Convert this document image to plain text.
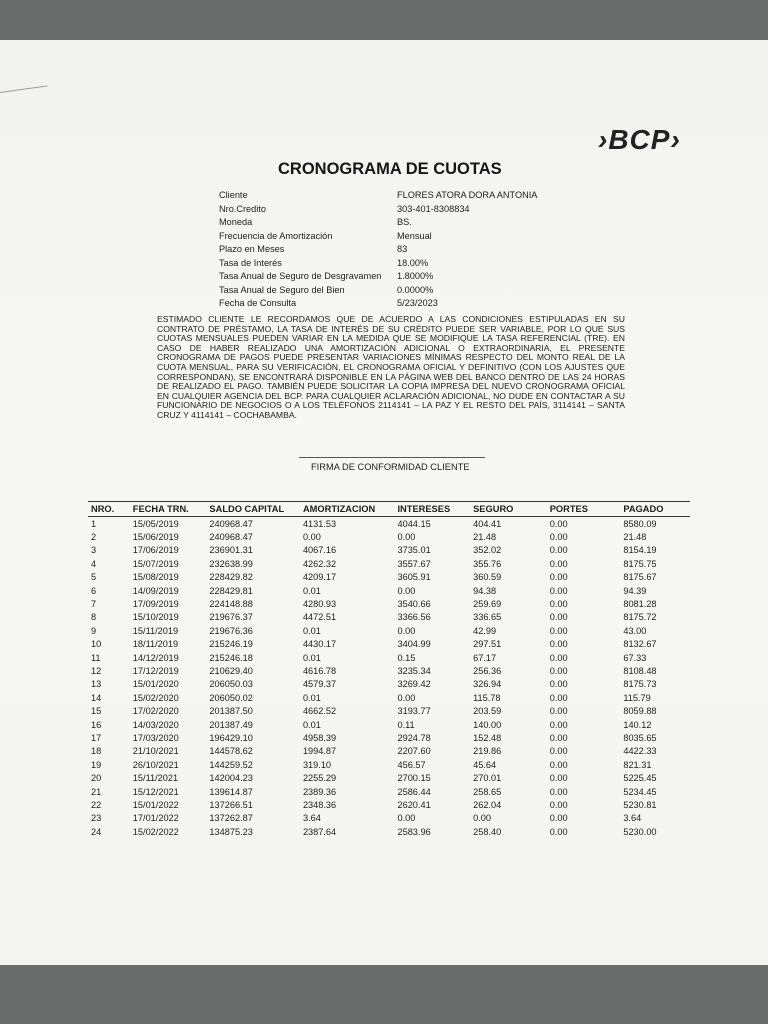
›BCP›
CRONOGRAMA DE CUOTAS
Cliente	FLORES ATORA DORA ANTONIA
Nro.Credito	303-401-8308834
Moneda	BS.
Frecuencia de Amortización	Mensual
Plazo en Meses	83
Tasa de Interés	18.00%
Tasa Anual de Seguro de Desgravamen	1.8000%
Tasa Anual de Seguro del Bien	0.0000%
Fecha de Consulta	5/23/2023
ESTIMADO CLIENTE LE RECORDAMOS QUE DE ACUERDO A LAS CONDICIONES ESTIPULADAS EN SU CONTRATO DE PRÉSTAMO, LA TASA DE INTERÉS DE SU CRÉDITO PUEDE SER VARIABLE, POR LO QUE SUS CUOTAS MENSUALES PUEDEN VARIAR EN LA MEDIDA QUE SE MODIFIQUE LA TASA REFERENCIAL (TRE). EN CASO DE HABER REALIZADO UNA AMORTIZACIÓN ADICIONAL O EXTRAORDINARIA, EL PRESENTE CRONOGRAMA DE PAGOS PUEDE PRESENTAR VARIACIONES MÍNIMAS RESPECTO DEL MONTO REAL DE LA CUOTA MENSUAL, PARA SU VERIFICACIÓN, EL CRONOGRAMA OFICIAL Y DEFINITIVO (CON LOS AJUSTES QUE CORRESPONDAN), SE ENCONTRARÁ DISPONIBLE EN LA PÁGINA WEB DEL BANCO DENTRO DE LAS 24 HORAS DE REALIZADO EL PAGO. TAMBIÉN PUEDE SOLICITAR LA COPIA IMPRESA DEL NUEVO CRONOGRAMA OFICIAL EN CUALQUIER AGENCIA DEL BCP. PARA CUALQUIER ACLARACIÓN ADICIONAL, NO DUDE EN CONTACTAR A SU FUNCIONARIO DE NEGOCIOS O A LOS TELÉFONOS 2114141 – LA PAZ Y EL RESTO DEL PAÍS, 3114141 – SANTA CRUZ Y 4114141 – COCHABAMBA.
FIRMA DE CONFORMIDAD CLIENTE
NRO.	FECHA TRN.	SALDO CAPITAL	AMORTIZACION	INTERESES	SEGURO	PORTES	PAGADO
1	15/05/2019	240968.47	4131.53	4044.15	404.41	0.00	8580.09
2	15/06/2019	240968.47	0.00	0.00	21.48	0.00	21.48
3	17/06/2019	236901.31	4067.16	3735.01	352.02	0.00	8154.19
4	15/07/2019	232638.99	4262.32	3557.67	355.76	0.00	8175.75
5	15/08/2019	228429.82	4209.17	3605.91	360.59	0.00	8175.67
6	14/09/2019	228429.81	0.01	0.00	94.38	0.00	94.39
7	17/09/2019	224148.88	4280.93	3540.66	259.69	0.00	8081.28
8	15/10/2019	219676.37	4472.51	3366.56	336.65	0.00	8175.72
9	15/11/2019	219676.36	0.01	0.00	42.99	0.00	43.00
10	18/11/2019	215246.19	4430.17	3404.99	297.51	0.00	8132.67
11	14/12/2019	215246.18	0.01	0.15	67.17	0.00	67.33
12	17/12/2019	210629.40	4616.78	3235.34	256.36	0.00	8108.48
13	15/01/2020	206050.03	4579.37	3269.42	326.94	0.00	8175.73
14	15/02/2020	206050.02	0.01	0.00	115.78	0.00	115.79
15	17/02/2020	201387.50	4662.52	3193.77	203.59	0.00	8059.88
16	14/03/2020	201387.49	0.01	0.11	140.00	0.00	140.12
17	17/03/2020	196429.10	4958.39	2924.78	152.48	0.00	8035.65
18	21/10/2021	144578.62	1994.87	2207.60	219.86	0.00	4422.33
19	26/10/2021	144259.52	319.10	456.57	45.64	0.00	821.31
20	15/11/2021	142004.23	2255.29	2700.15	270.01	0.00	5225.45
21	15/12/2021	139614.87	2389.36	2586.44	258.65	0.00	5234.45
22	15/01/2022	137266.51	2348.36	2620.41	262.04	0.00	5230.81
23	17/01/2022	137262.87	3.64	0.00	0.00	0.00	3.64
24	15/02/2022	134875.23	2387.64	2583.96	258.40	0.00	5230.00
